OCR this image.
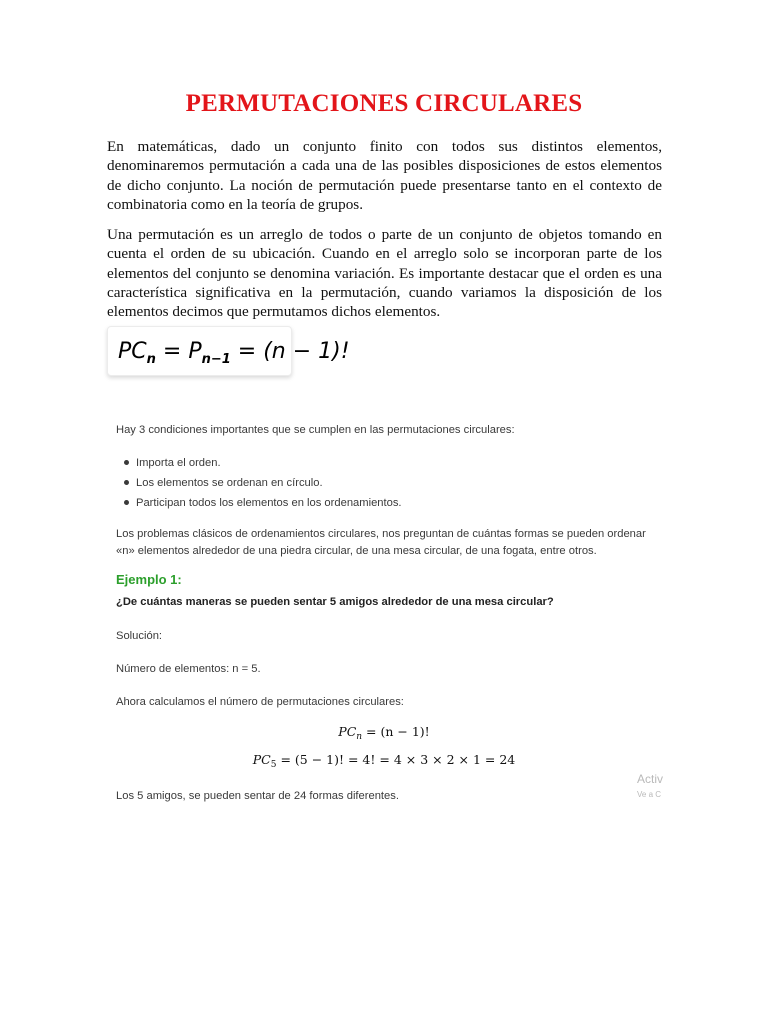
PERMUTACIONES CIRCULARES

En matemáticas, dado un conjunto finito con todos sus distintos elementos, denominaremos permutación a cada una de las posibles disposiciones de estos elementos de dicho conjunto. La noción de permutación puede presentarse tanto en el contexto de combinatoria como en la teoría de grupos.

Una permutación es un arreglo de todos o parte de un conjunto de objetos tomando en cuenta el orden de su ubicación. Cuando en el arreglo solo se incorporan parte de los elementos del conjunto se denomina variación. Es importante destacar que el orden es una característica significativa en la permutación, cuando variamos la disposición de los elementos decimos que permutamos dichos elementos.

$PC_n = P_{n-1} = (n - 1)$!

Hay 3 condiciones importantes que se cumplen en las permutaciones circulares:

Importa el orden.
Los elementos se ordenan en círculo.
Participan todos los elementos en los ordenamientos.

Los problemas clásicos de ordenamientos circulares, nos preguntan de cuántas formas se pueden ordenar «n» elementos alrededor de una piedra circular, de una mesa circular, de una fogata, entre otros.

Ejemplo 1:

¿De cuántas maneras se pueden sentar 5 amigos alrededor de una mesa circular?

Solución:

Número de elementos: n = 5.

Ahora calculamos el número de permutaciones circulares:

$PC_n = (n - 1)$!

$PC_5 = (5 - 1)$! = 4! = 4 × 3 × 2 × 1 = 24

Activ
Ve a C

Los 5 amigos, se pueden sentar de 24 formas diferentes.
